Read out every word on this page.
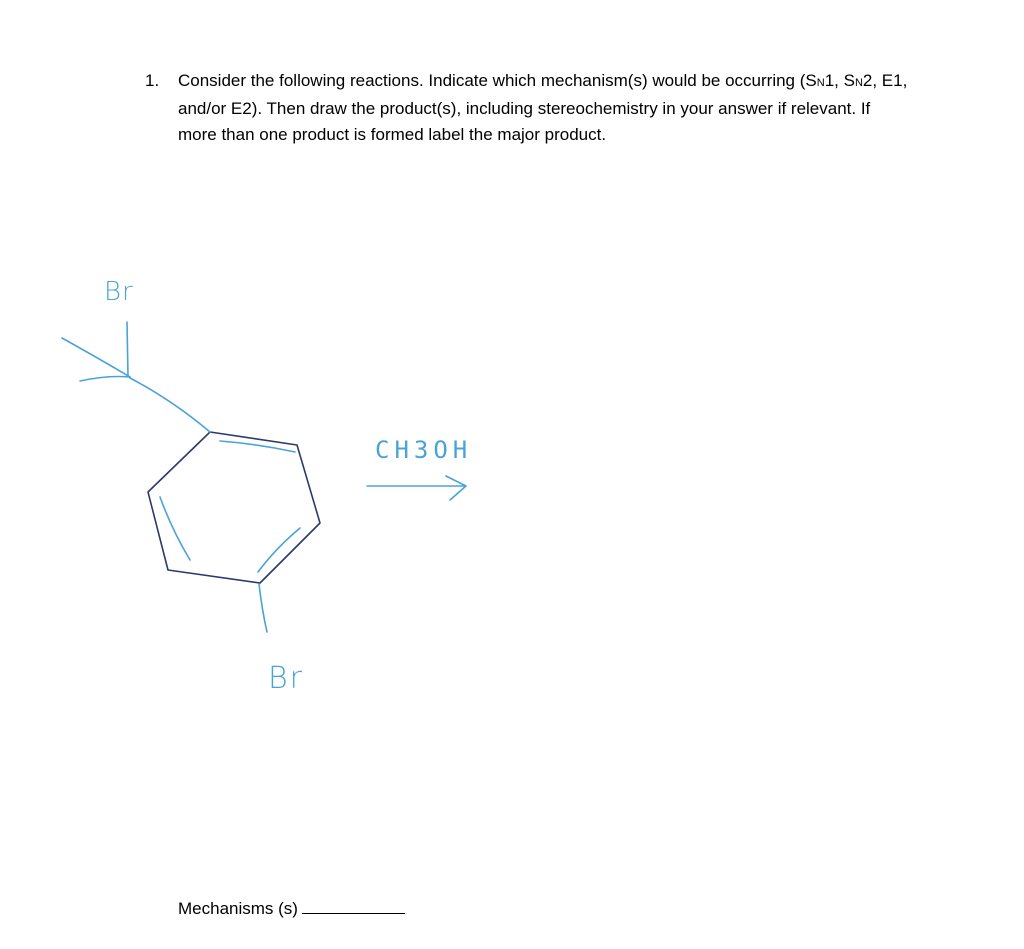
1. Consider the following reactions. Indicate which mechanism(s) would be occurring (SN1, SN2, E1,
and/or E2). Then draw the product(s), including stereochemistry in your answer if relevant. If
more than one product is formed label the major product.
Br
Br
CH3OH
Mechanisms (s)
